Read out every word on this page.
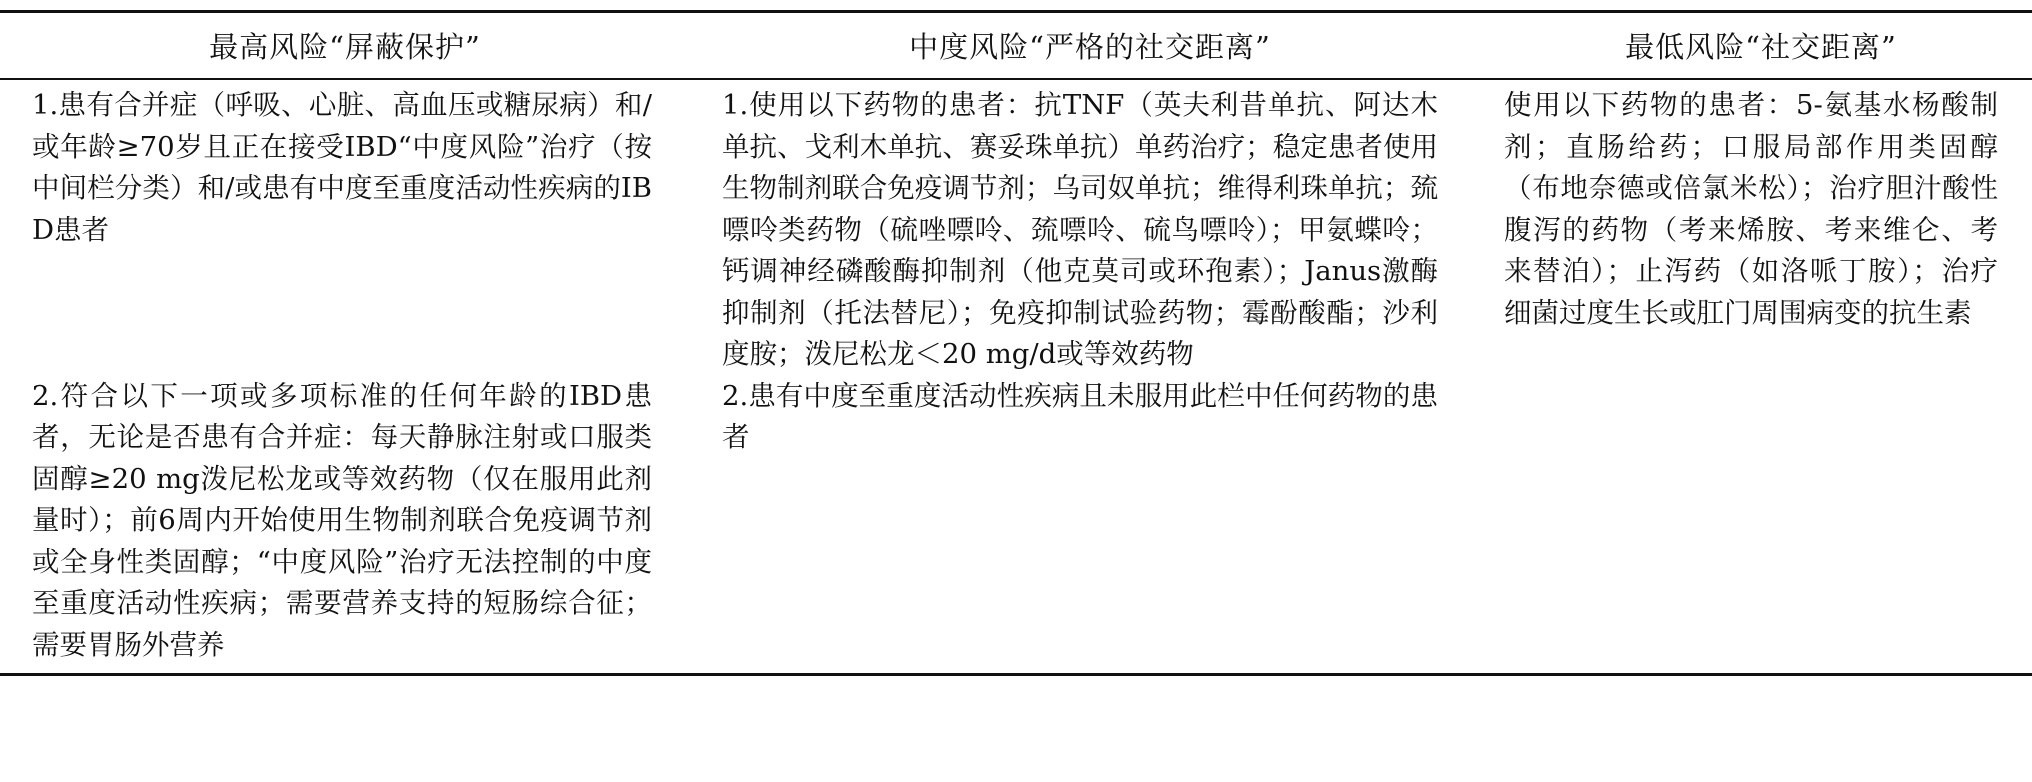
最高风险“屏蔽保护”	中度风险“严格的社交距离”	最低风险“社交距离”
1.患有合并症（呼吸、心脏、高血压或糖尿病）和/或年龄≥70岁且正在接受IBD“中度风险”治疗（按中间栏分类）和/或患有中度至重度活动性疾病的IBD患者	1.使用以下药物的患者：抗TNF（英夫利昔单抗、阿达木单抗、戈利木单抗、赛妥珠单抗）单药治疗；稳定患者使用生物制剂联合免疫调节剂；乌司奴单抗；维得利珠单抗；巯嘌呤类药物（硫唑嘌呤、巯嘌呤、硫鸟嘌呤）；甲氨蝶呤；钙调神经磷酸酶抑制剂（他克莫司或环孢素）；Janus激酶抑制剂（托法替尼）；免疫抑制试验药物；霉酚酸酯；沙利度胺；泼尼松龙＜20 mg/d或等效药物	使用以下药物的患者：5-氨基水杨酸制剂；直肠给药；口服局部作用类固醇（布地奈德或倍氯米松）；治疗胆汁酸性腹泻的药物（考来烯胺、考来维仑、考来替泊）；止泻药（如洛哌丁胺）；治疗细菌过度生长或肛门周围病变的抗生素
2.符合以下一项或多项标准的任何年龄的IBD患者，无论是否患有合并症：每天静脉注射或口服类固醇≥20 mg泼尼松龙或等效药物（仅在服用此剂量时）；前6周内开始使用生物制剂联合免疫调节剂或全身性类固醇；“中度风险”治疗无法控制的中度至重度活动性疾病；需要营养支持的短肠综合征；需要胃肠外营养	2.患有中度至重度活动性疾病且未服用此栏中任何药物的患者	
